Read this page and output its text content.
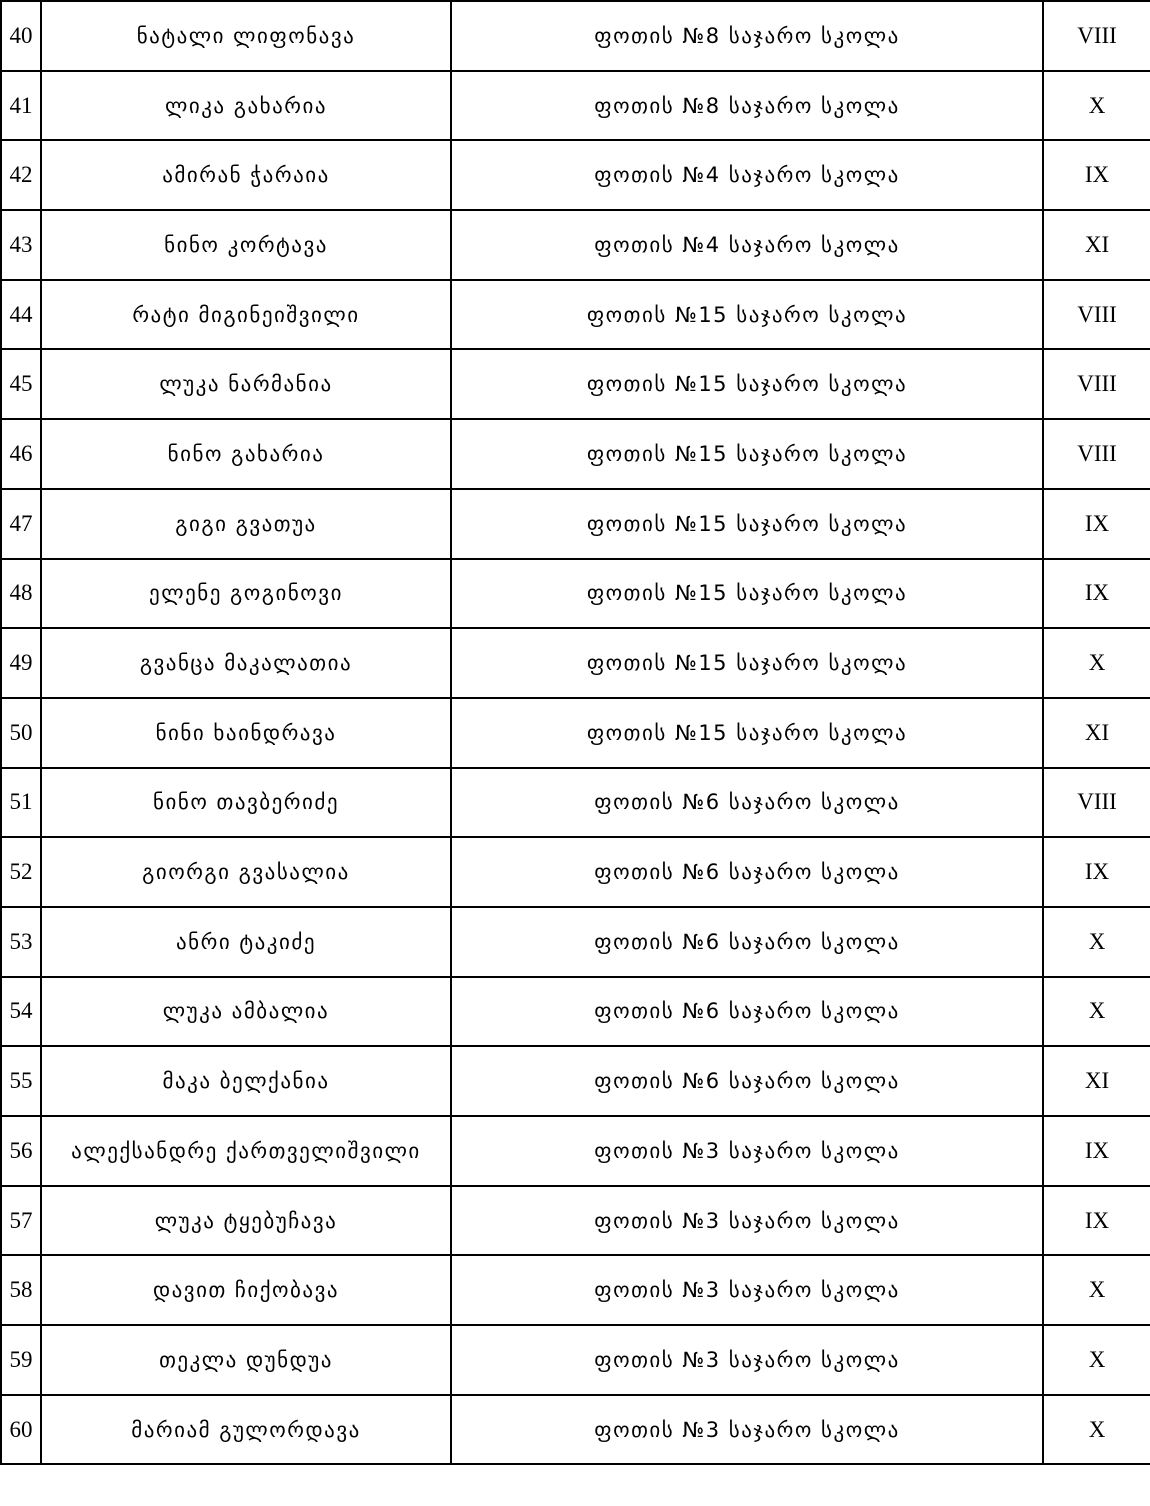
40	ნატალი ლიფონავა	ფოთის №8 საჯარო სკოლა	VIII
41	ლიკა გახარია	ფოთის №8 საჯარო სკოლა	X
42	ამირან ჭარაია	ფოთის №4 საჯარო სკოლა	IX
43	ნინო კორტავა	ფოთის №4 საჯარო სკოლა	XI
44	რატი მიგინეიშვილი	ფოთის №15 საჯარო სკოლა	VIII
45	ლუკა ნარმანია	ფოთის №15 საჯარო სკოლა	VIII
46	ნინო გახარია	ფოთის №15 საჯარო სკოლა	VIII
47	გიგი გვათუა	ფოთის №15 საჯარო სკოლა	IX
48	ელენე გოგინოვი	ფოთის №15 საჯარო სკოლა	IX
49	გვანცა მაკალათია	ფოთის №15 საჯარო სკოლა	X
50	ნინი ხაინდრავა	ფოთის №15 საჯარო სკოლა	XI
51	ნინო თავბერიძე	ფოთის №6 საჯარო სკოლა	VIII
52	გიორგი გვასალია	ფოთის №6 საჯარო სკოლა	IX
53	ანრი ტაკიძე	ფოთის №6 საჯარო სკოლა	X
54	ლუკა ამბალია	ფოთის №6 საჯარო სკოლა	X
55	მაკა ბელქანია	ფოთის №6 საჯარო სკოლა	XI
56	ალექსანდრე ქართველიშვილი	ფოთის №3 საჯარო სკოლა	IX
57	ლუკა ტყებუჩავა	ფოთის №3 საჯარო სკოლა	IX
58	დავით ჩიქობავა	ფოთის №3 საჯარო სკოლა	X
59	თეკლა დუნდუა	ფოთის №3 საჯარო სკოლა	X
60	მარიამ გულორდავა	ფოთის №3 საჯარო სკოლა	X
